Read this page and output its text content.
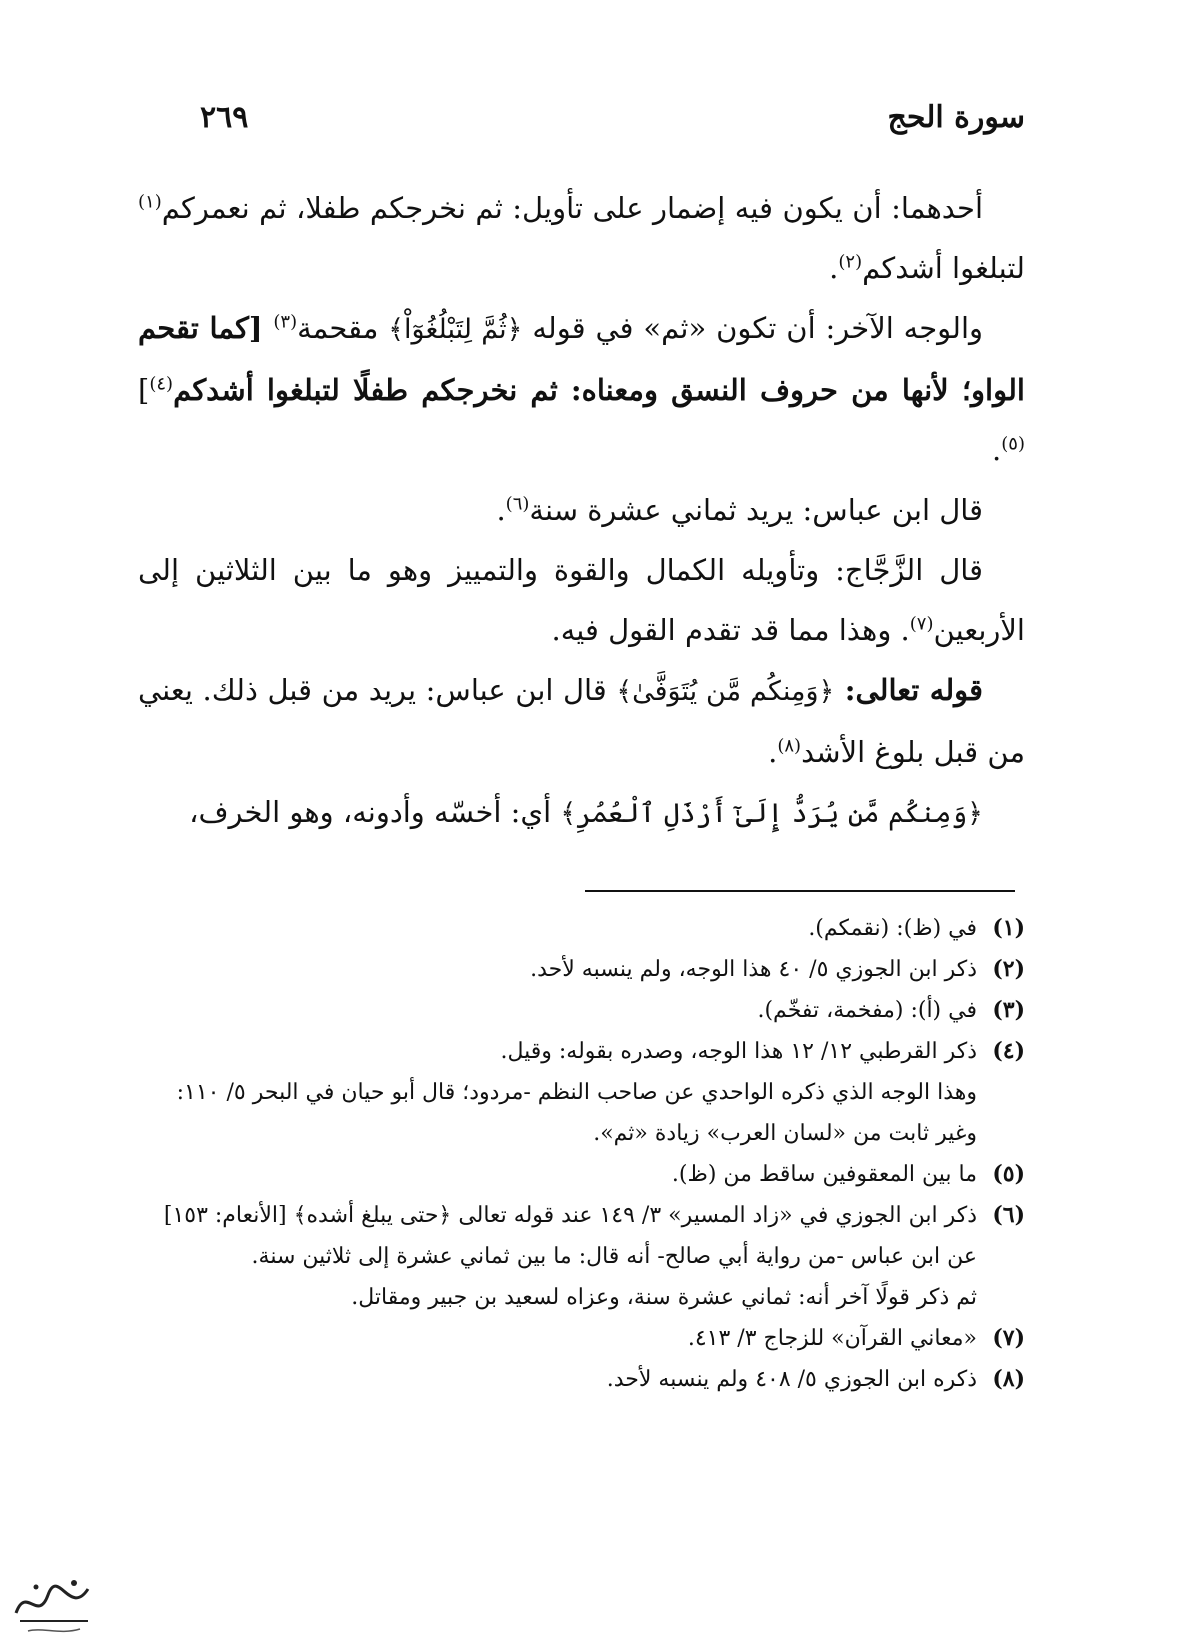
سورة الحج
٢٦٩

أحدهما: أن يكون فيه إضمار على تأويل: ثم نخرجكم طفلا، ثم نعمركم$^{(١)}$ لتبلغوا أشدكم$^{(٢)}$.

والوجه الآخر: أن تكون «ثم» في قوله ﴿ثُمَّ لِتَبْلُغُوٓاْ﴾ مقحمة$^{(٣)}$ [كما تقحم الواو؛ لأنها من حروف النسق ومعناه: ثم نخرجكم طفلًا لتبلغوا أشدكم$^{(٤)}$]$^{(٥)}$.

قال ابن عباس: يريد ثماني عشرة سنة$^{(٦)}$.

قال الزَّجَّاج: وتأويله الكمال والقوة والتمييز وهو ما بين الثلاثين إلى الأربعين$^{(٧)}$. وهذا مما قد تقدم القول فيه.

قوله تعالى: ﴿وَمِنكُم مَّن يُتَوَفَّىٰ﴾ قال ابن عباس: يريد من قبل ذلك. يعني من قبل بلوغ الأشد$^{(٨)}$.

﴿وَمِنكُم مَّن يُرَدُّ إِلَىٰٓ أَرْذَلِ ٱلْعُمُرِ﴾ أي: أخسّه وأدونه، وهو الخرف،

(١)
في (ظ): (نقمكم).
(٢)
ذكر ابن الجوزي ٥/ ٤٠ هذا الوجه، ولم ينسبه لأحد.
(٣)
في (أ): (مفخمة، تفخّم).
(٤)
ذكر القرطبي ١٢/ ١٢ هذا الوجه، وصدره بقوله: وقيل.
وهذا الوجه الذي ذكره الواحدي عن صاحب النظم -مردود؛ قال أبو حيان في البحر ٥/ ١١٠: وغير ثابت من «لسان العرب» زيادة «ثم».
(٥)
ما بين المعقوفين ساقط من (ظ).
(٦)
ذكر ابن الجوزي في «زاد المسير» ٣/ ١٤٩ عند قوله تعالى ﴿حتى يبلغ أشده﴾ [الأنعام: ١٥٣] عن ابن عباس -من رواية أبي صالح- أنه قال: ما بين ثماني عشرة إلى ثلاثين سنة.
ثم ذكر قولًا آخر أنه: ثماني عشرة سنة، وعزاه لسعيد بن جبير ومقاتل.
(٧)
«معاني القرآن» للزجاج ٣/ ٤١٣.
(٨)
ذكره ابن الجوزي ٥/ ٤٠٨ ولم ينسبه لأحد.
